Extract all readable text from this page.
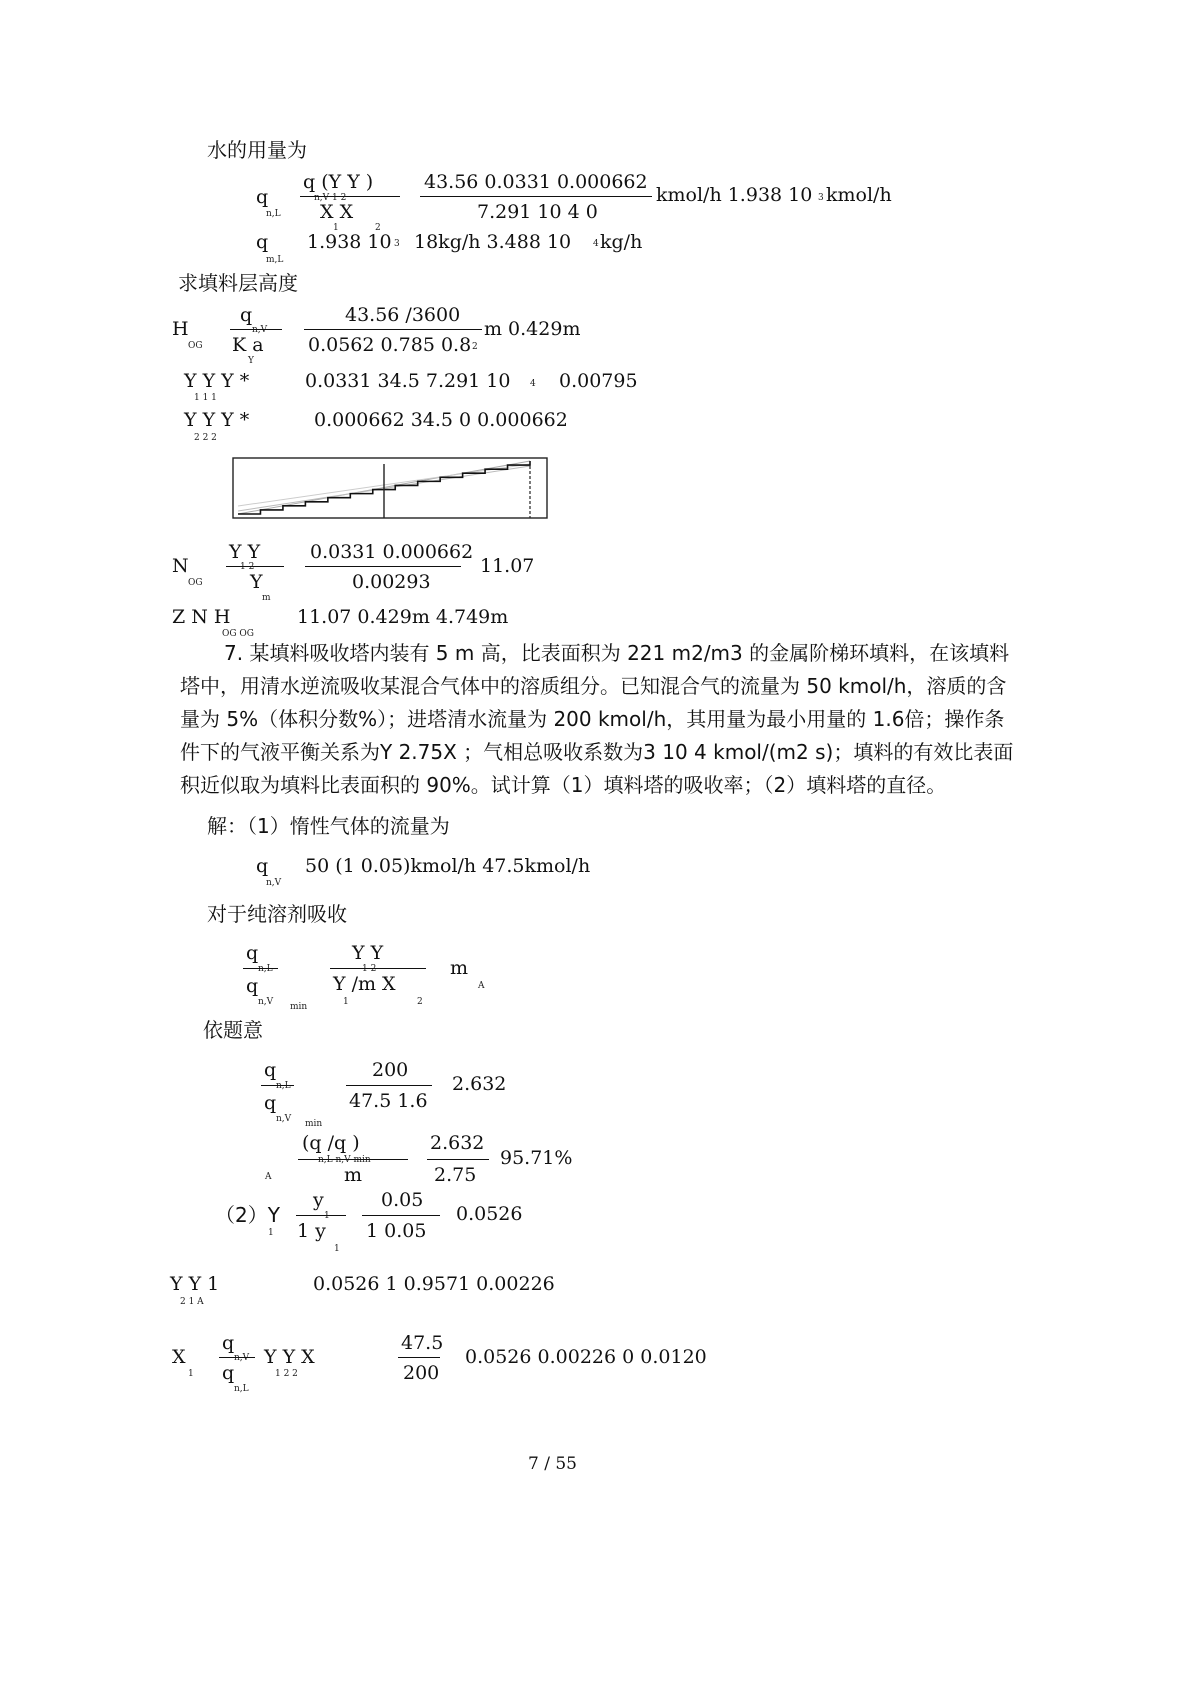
水的用量为
q
n,L
q (Y Y )
n,V 1 2
X X
1	2
43.56 0.0331 0.000662
7.291 10 4 0
kmol/h 1.938 10 3 kmol/h
q
m,L
1.938 10 3 18kg/h 3.488 10 4 kg/h
求填料层高度
H
OG
q
n,V
K a
Y
43.56 /3600
0.0562 0.785 0.8 2
m 0.429m
Y Y Y *
1 1 1
0.0331 34.5 7.291 10 4 0.00795
Y Y Y *
2 2 2
0.000662 34.5 0 0.000662
N
OG
Y Y
1 2
Y
m
0.0331 0.000662
0.00293
11.07
Z N H
OG OG
11.07 0.429m 4.749m

7. 某填料吸收塔内装有 5 m 高，比表面积为 221 m2/m3 的金属阶梯环填料，在该填料塔中，用清水逆流吸收某混合气体中的溶质组分。已知混合气的流量为 50 kmol/h，溶质的含量为 5%（体积分数%）；进塔清水流量为 200 kmol/h，其用量为最小用量的 1.6倍；操作条件下的气液平衡关系为Y 2.75X ；气相总吸收系数为3 10 4 kmol/(m2 s)；填料的有效比表面积近似取为填料比表面积的 90%。试计算（1）填料塔的吸收率；（2）填料塔的直径。

解：（1）惰性气体的流量为
q
n,V
50 (1 0.05)kmol/h 47.5kmol/h
对于纯溶剂吸收
q
n,L
q
n,V min
Y Y
1 2
Y /m X
1	2
m
A
依题意
q
n,L
q
n,V min
200
47.5 1.6
2.632
A
(q /q )
n,L n,V min
m
2.632
2.75
95.71%
（2）Y
1
y
1
1 y
1
0.05
1 0.05
0.0526
Y Y 1
2 1 A
0.0526 1 0.9571 0.00226
X
1
q
n,V
q
n,L
Y Y X
1 2 2
47.5
200
0.0526 0.00226 0 0.0120
7 / 55
